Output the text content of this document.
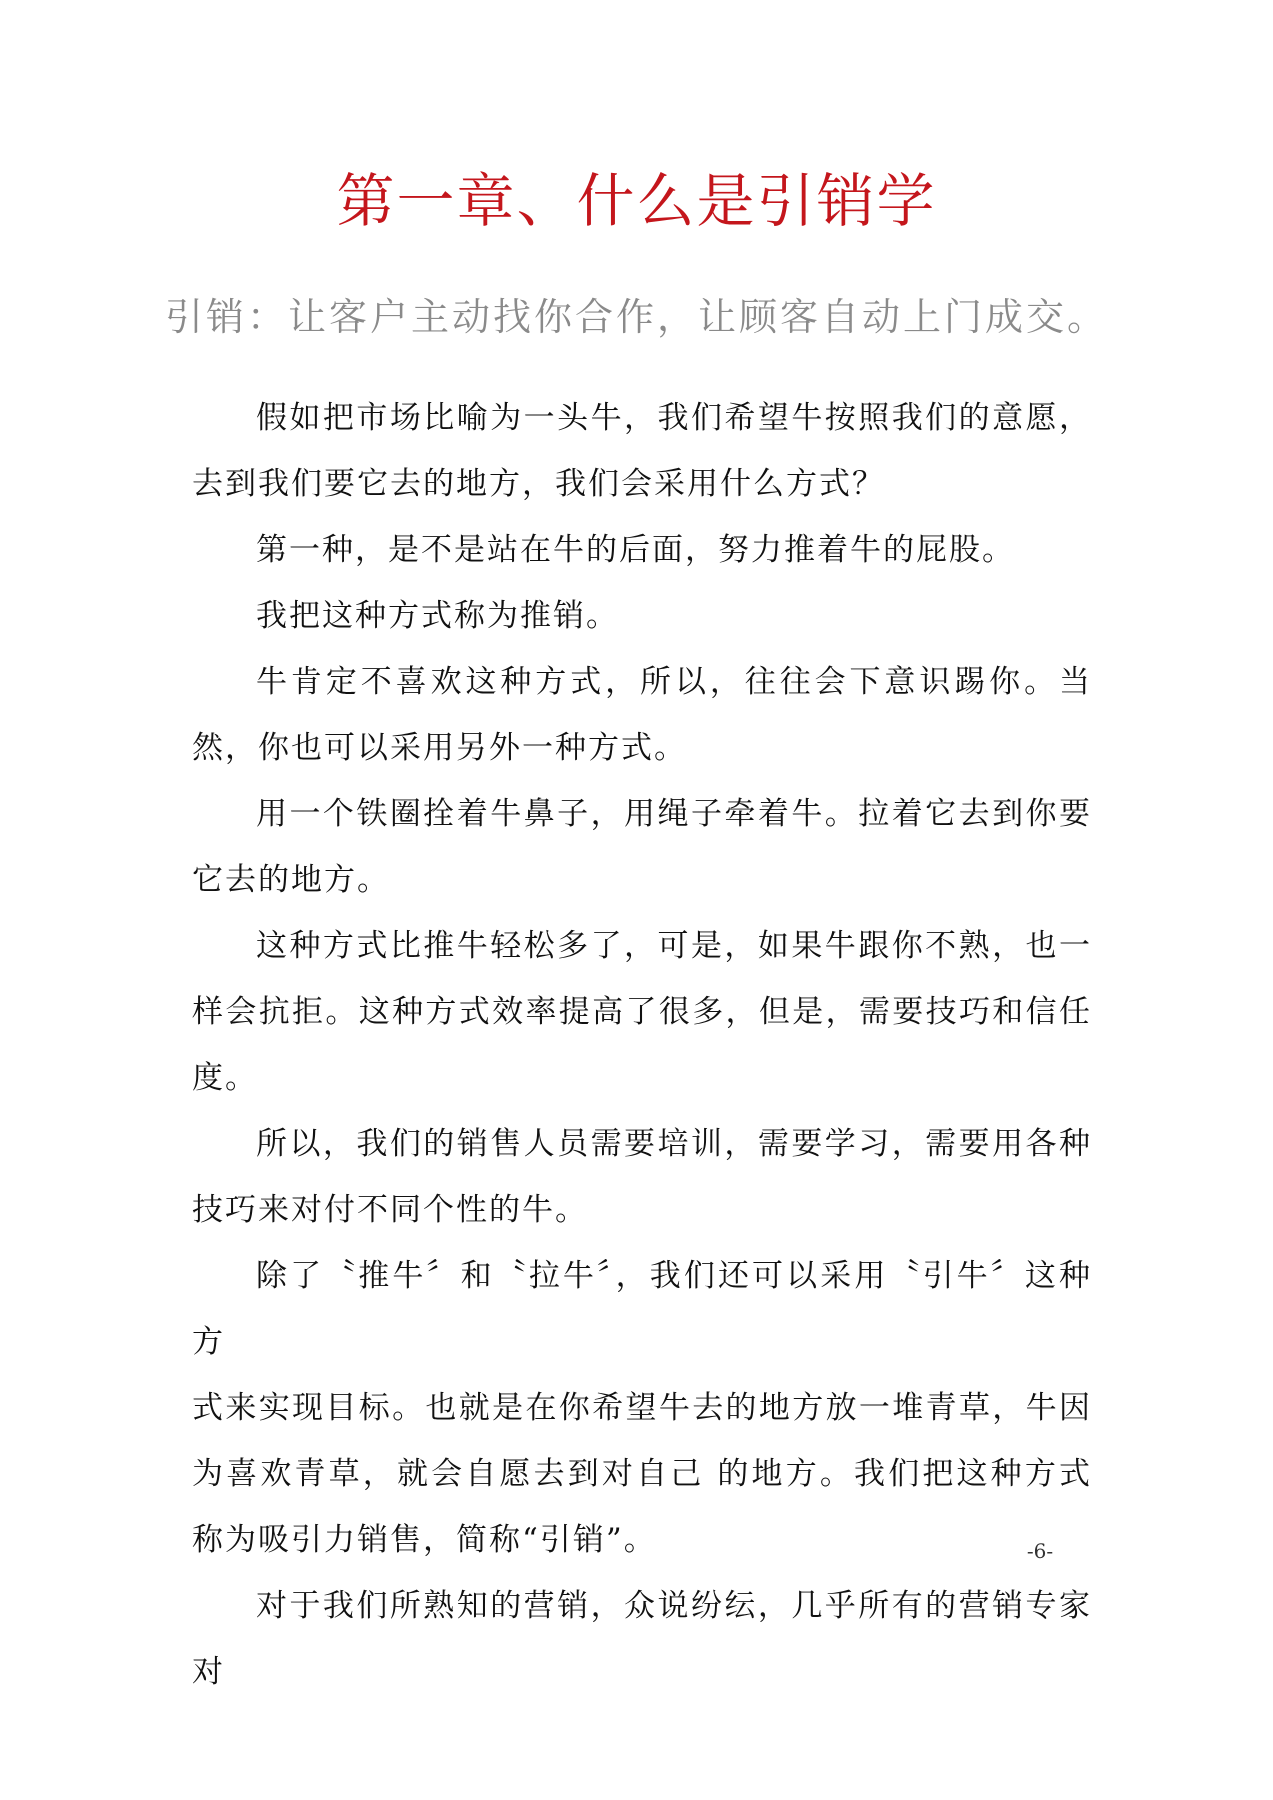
第一章、什么是引销学
引销：让客户主动找你合作，让顾客自动上门成交。

假如把市场比喻为一头牛，我们希望牛按照我们的意愿，去到我们要它去的地方，我们会采用什么方式？

第一种，是不是站在牛的后面，努力推着牛的屁股。

我把这种方式称为推销。

牛肯定不喜欢这种方式，所以，往往会下意识踢你。当然，你也可以采用另外一种方式。

用一个铁圈拴着牛鼻子，用绳子牵着牛。拉着它去到你要它去的地方。

这种方式比推牛轻松多了，可是，如果牛跟你不熟，也一样会抗拒。这种方式效率提高了很多，但是，需要技巧和信任度。

所以，我们的销售人员需要培训，需要学习，需要用各种技巧来对付不同个性的牛。

除了〝推牛〞和〝拉牛〞，我们还可以采用〝引牛〞这种方

式来实现目标。也就是在你希望牛去的地方放一堆青草，牛因为喜欢青草，就会自愿去到对自己 的地方。我们把这种方式称为吸引力销售，简称“引销”。

对于我们所熟知的营销，众说纷纭，几乎所有的营销专家对

-6-
